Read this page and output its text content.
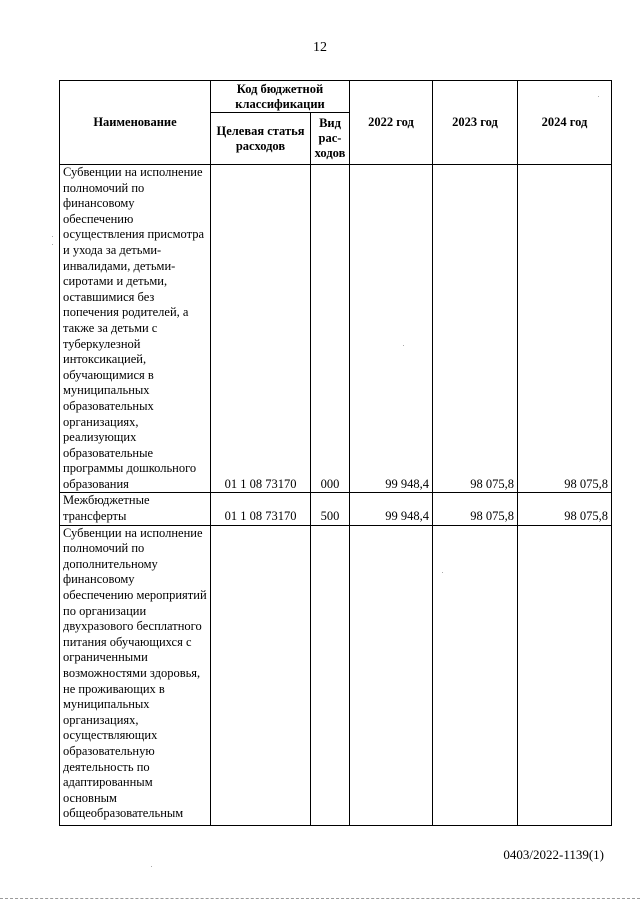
12
Наименование	Код бюджетной классификации		2022 год	2023 год	2024 год
	Целевая статья расходов	Вид рас-ходов			
Субвенции на исполнение полномочий по финансовому обеспечению осуществления присмотра и ухода за детьми-инвалидами, детьми-сиротами и детьми, оставшимися без попечения родителей, а также за детьми с туберкулезной интоксикацией, обучающимися в муниципальных образовательных организациях, реализующих образовательные программы дошкольного образования	01 1 08 73170	000	99 948,4	98 075,8	98 075,8
Межбюджетные трансферты	01 1 08 73170	500	99 948,4	98 075,8	98 075,8
Субвенции на исполнение полномочий по дополнительному финансовому обеспечению мероприятий по организации двухразового бесплатного питания обучающихся с ограниченными возможностями здоровья, не проживающих в муниципальных организациях, осуществляющих образовательную деятельность по адаптированным основным общеобразовательным					
0403/2022-1139(1)
